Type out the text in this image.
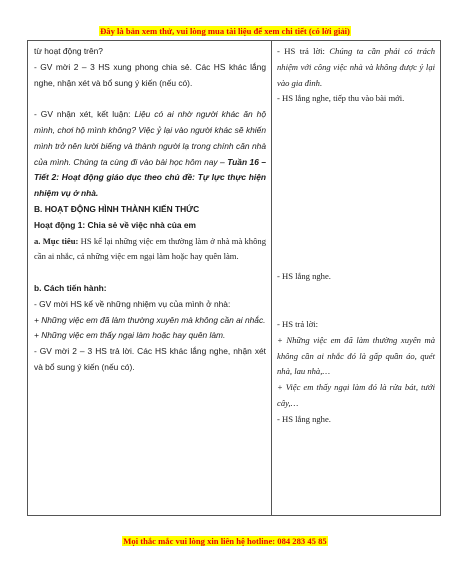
Đây là bản xem thử, vui lòng mua tài liệu để xem chi tiết (có lời giải)

từ hoạt động trên?

- GV mời 2 – 3 HS xung phong chia sẻ. Các HS khác lắng nghe, nhận xét và bổ sung ý kiến (nếu có).

- GV nhận xét, kết luận: Liệu có ai nhờ người khác ăn hộ mình, chơi hộ mình không? Việc ỷ lại vào người khác sẽ khiến mình trở nên lười biếng và thành người lạ trong chính căn nhà của mình. Chúng ta cùng đi vào bài học hôm nay – Tuần 16 – Tiết 2: Hoạt động giáo dục theo chủ đề: Tự lực thực hiện nhiệm vụ ở nhà.

B. HOẠT ĐỘNG HÌNH THÀNH KIẾN THỨC

Hoạt động 1: Chia sẻ về việc nhà của em

a. Mục tiêu: HS kể lại những việc em thường làm ở nhà mà không cần ai nhắc, cả những việc em ngại làm hoặc hay quên làm.

b. Cách tiến hành:

- GV mời HS kể về những nhiệm vụ của mình ở nhà:

+ Những việc em đã làm thường xuyên mà không cần ai nhắc.

+ Những việc em thấy ngại làm hoặc hay quên làm.

- GV mời 2 – 3 HS trả lời. Các HS khác lắng nghe, nhận xét và bổ sung ý kiến (nếu có).

- HS trả lời: Chúng ta cần phải có trách nhiệm với công việc nhà và không được ỷ lại vào gia đình.

- HS lắng nghe, tiếp thu vào bài mới.

- HS lắng nghe.

- HS trả lời:

+ Những việc em đã làm thường xuyên mà không cần ai nhắc đó là gấp quần áo, quét nhà, lau nhà,…

+ Việc em thấy ngại làm đó là rửa bát, tưới cây,…

- HS lắng nghe.

Mọi thắc mắc vui lòng xin liên hệ hotline: 084 283 45 85
